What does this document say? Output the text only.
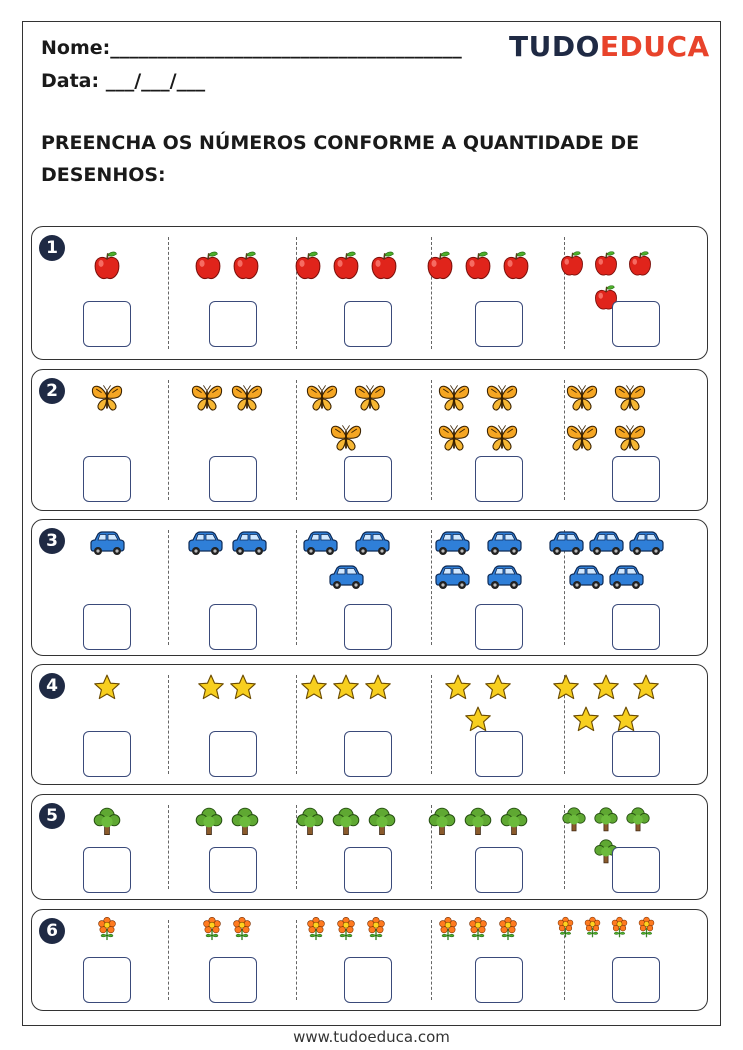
Nome:_____________________________________
Data: ___/___/___
TUDOEDUCA
PREENCHA OS NÚMEROS CONFORME A QUANTIDADE DE DESENHOS:
1
2
3
4
5
6
www.tudoeduca.com
